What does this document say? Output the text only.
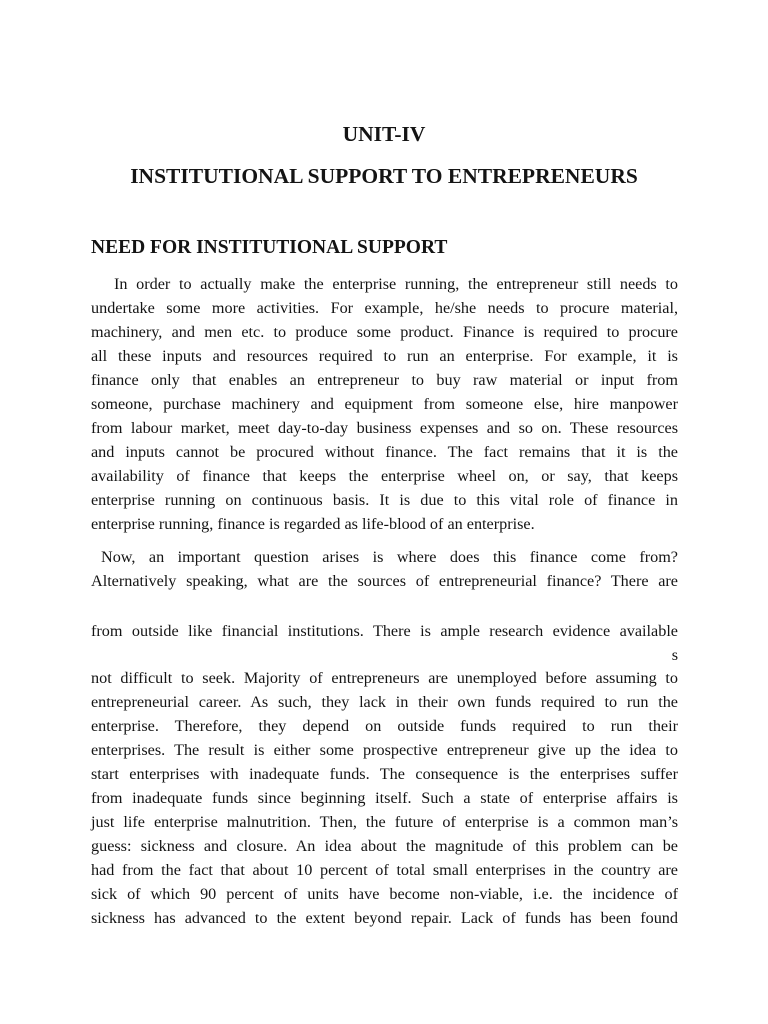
UNIT-IV
INSTITUTIONAL SUPPORT TO ENTREPRENEURS
NEED FOR INSTITUTIONAL SUPPORT
In order to actually make the enterprise running, the entrepreneur still needs to
undertake some more activities. For example, he/she needs to procure material,
machinery, and men etc. to produce some product. Finance is required to procure
all these inputs and resources required to run an enterprise. For example, it is
finance only that enables an entrepreneur to buy raw material or input from
someone, purchase machinery and equipment from someone else, hire manpower
from labour market, meet day-to-day business expenses and so on. These resources
and inputs cannot be procured without finance. The fact remains that it is the
availability of finance that keeps the enterprise wheel on, or say, that keeps
enterprise running on continuous basis. It is due to this vital role of finance in
enterprise running, finance is regarded as life-blood of an enterprise.
Now, an important question arises is where does this finance come from?
Alternatively speaking, what are the sources of entrepreneurial finance? There are
from outside like financial institutions. There is ample research evidence available
s
not difficult to seek. Majority of entrepreneurs are unemployed before assuming to
entrepreneurial career. As such, they lack in their own funds required to run the
enterprise. Therefore, they depend on outside funds required to run their
enterprises. The result is either some prospective entrepreneur give up the idea to
start enterprises with inadequate funds. The consequence is the enterprises suffer
from inadequate funds since beginning itself. Such a state of enterprise affairs is
just life enterprise malnutrition. Then, the future of enterprise is a common man’s
guess: sickness and closure. An idea about the magnitude of this problem can be
had from the fact that about 10 percent of total small enterprises in the country are
sick of which 90 percent of units have become non-viable, i.e. the incidence of
sickness has advanced to the extent beyond repair. Lack of funds has been found
